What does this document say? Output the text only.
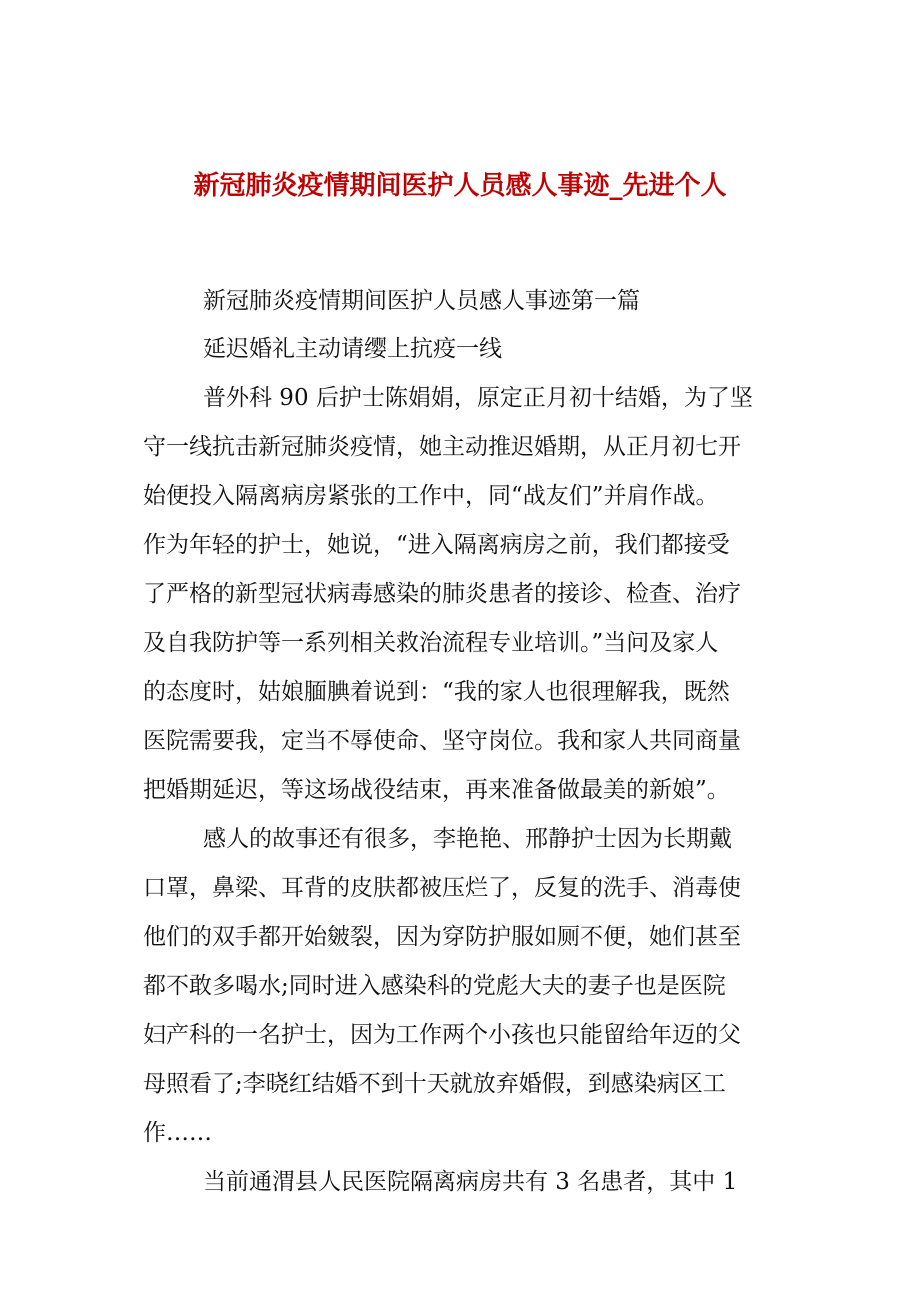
新冠肺炎疫情期间医护人员感人事迹_先进个人
新冠肺炎疫情期间医护人员感人事迹第一篇
延迟婚礼主动请缨上抗疫一线
普外科 90 后护士陈娟娟，原定正月初十结婚，为了坚
守一线抗击新冠肺炎疫情，她主动推迟婚期，从正月初七开
始便投入隔离病房紧张的工作中，同“战友们”并肩作战。
作为年轻的护士，她说，“进入隔离病房之前，我们都接受
了严格的新型冠状病毒感染的肺炎患者的接诊、检查、治疗
及自我防护等一系列相关救治流程专业培训。”当问及家人
的态度时，姑娘腼腆着说到：“我的家人也很理解我，既然
医院需要我，定当不辱使命、坚守岗位。我和家人共同商量
把婚期延迟，等这场战役结束，再来准备做最美的新娘”。
感人的故事还有很多，李艳艳、邢静护士因为长期戴
口罩，鼻梁、耳背的皮肤都被压烂了，反复的洗手、消毒使
他们的双手都开始皴裂，因为穿防护服如厕不便，她们甚至
都不敢多喝水;同时进入感染科的党彪大夫的妻子也是医院
妇产科的一名护士，因为工作两个小孩也只能留给年迈的父
母照看了;李晓红结婚不到十天就放弃婚假，到感染病区工
作……
当前通渭县人民医院隔离病房共有 3 名患者，其中 1
